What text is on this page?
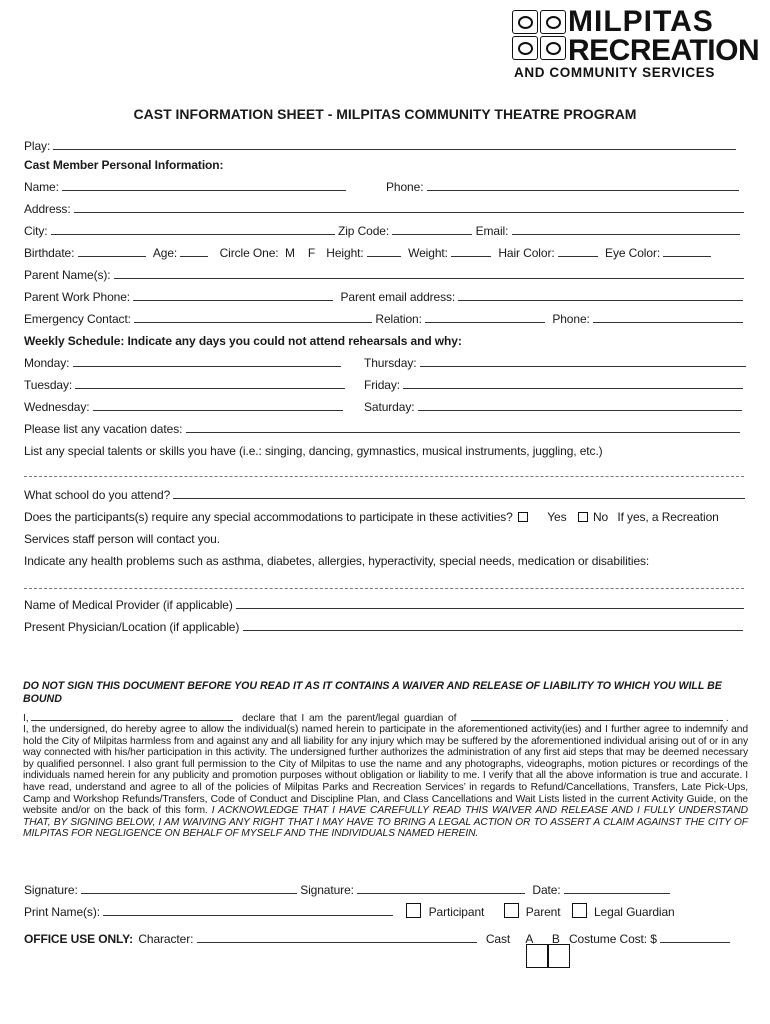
MILPITAS
RECREATION
AND COMMUNITY SERVICES
CAST INFORMATION SHEET - MILPITAS COMMUNITY THEATRE PROGRAM
Play:
Cast Member Personal Information:
Name:	Phone:
Address:
City:	Zip Code:	Email:
Birthdate:	Age:	Circle One:  M    F Height:	Weight:	Hair Color:	Eye Color:
Parent Name(s):
Parent Work Phone:	Parent email address:
Emergency Contact:	Relation:	Phone:
Weekly Schedule: Indicate any days you could not attend rehearsals and why:
Monday:	Thursday:
Tuesday:	Friday:
Wednesday:	Saturday:
Please list any vacation dates:
List any special talents or skills you have (i.e.: singing, dancing, gymnastics, musical instruments, juggling, etc.)
What school do you attend?
Does the participants(s) require any special accommodations to participate in these activities?	Yes No If yes, a Recreation
Services staff person will contact you.
Indicate any health problems such as asthma, diabetes, allergies, hyperactivity, special needs, medication or disabilities:
Name of Medical Provider (if applicable)
Present Physician/Location (if applicable)
DO NOT SIGN THIS DOCUMENT BEFORE YOU READ IT AS IT CONTAINS A WAIVER AND RELEASE OF LIABILITY TO WHICH YOU WILL BE BOUND
I,	declare that I am the parent/legal guardian of	.
I, the undersigned, do hereby agree to allow the individual(s) named herein to participate in the aforementioned activity(ies) and I further agree to indemnify and hold the City of Milpitas harmless from and against any and all liability for any injury which may be suffered by the aforementioned individual arising out of or in any way connected with his/her participation in this activity. The undersigned further authorizes the administration of any first aid steps that may be deemed necessary by qualified personnel. I also grant full permission to the City of Milpitas to use the name and any photographs, videographs, motion pictures or recordings of the individuals named herein for any publicity and promotion purposes without obligation or liability to me. I verify that all the above information is true and accurate. I have read, understand and agree to all of the policies of Milpitas Parks and Recreation Services’ in regards to Refund/Cancellations, Transfers, Late Pick-Ups, Camp and Workshop Refunds/Transfers, Code of Conduct and Discipline Plan, and Class Cancellations and Wait Lists listed in the current Activity Guide, on the website and/or on the back of this form. I ACKNOWLEDGE THAT I HAVE CAREFULLY READ THIS WAIVER AND RELEASE AND I FULLY UNDERSTAND THAT, BY SIGNING BELOW, I AM WAIVING ANY RIGHT THAT I MAY HAVE TO BRING A LEGAL ACTION OR TO ASSERT A CLAIM AGAINST THE CITY OF MILPITAS FOR NEGLIGENCE ON BEHALF OF MYSELF AND THE INDIVIDUALS NAMED HEREIN.
Signature:	Signature:	Date:
Print Name(s):	Participant	Parent	Legal Guardian
OFFICE USE ONLY: Character:	Cast A B Costume Cost: $
